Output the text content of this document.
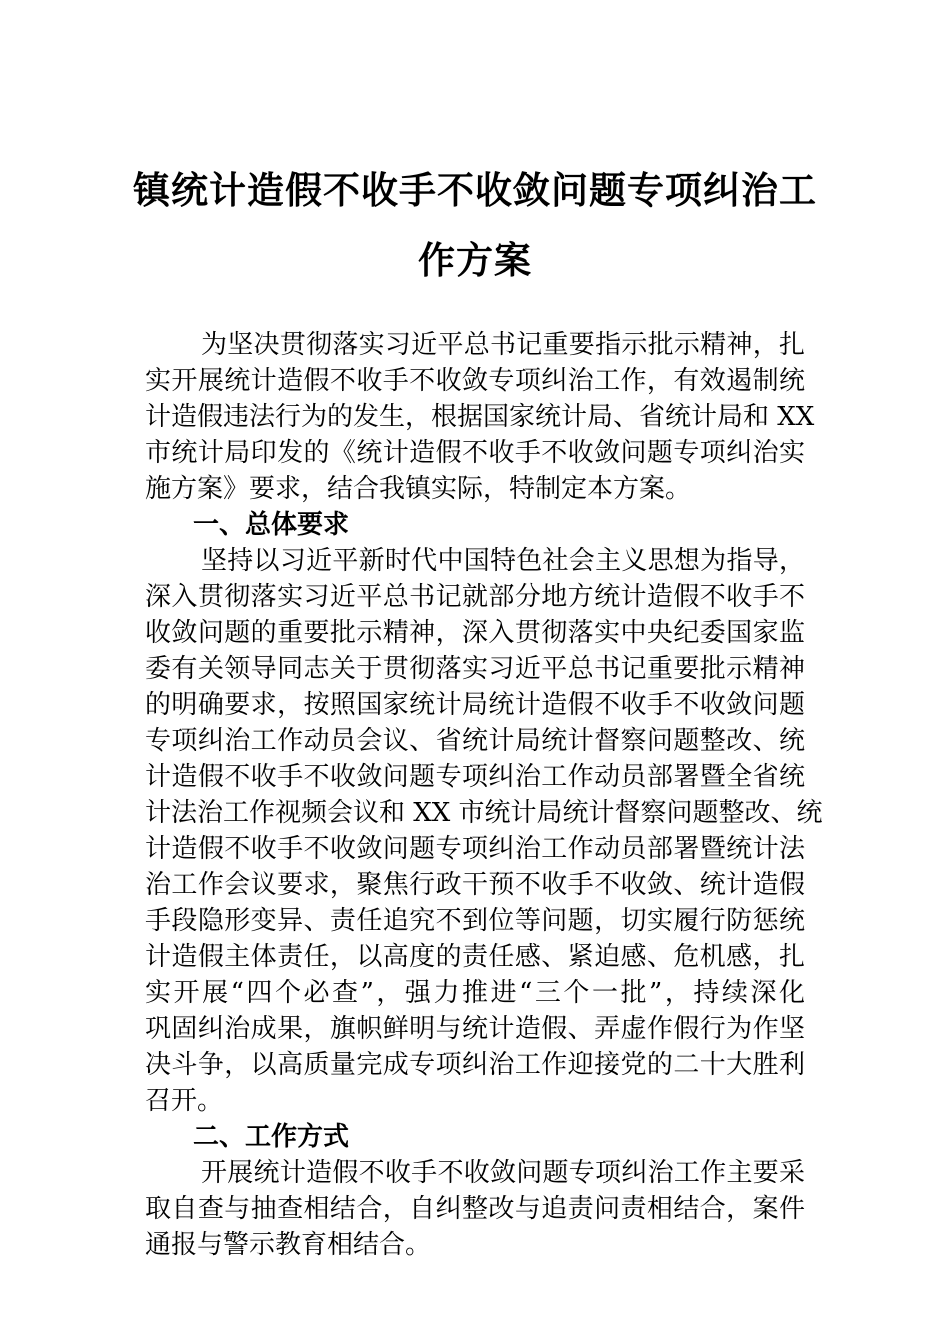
镇统计造假不收手不收敛问题专项纠治工
作方案
为坚决贯彻落实习近平总书记重要指示批示精神，扎
实开展统计造假不收手不收敛专项纠治工作，有效遏制统
计造假违法行为的发生，根据国家统计局、省统计局和 XX
市统计局印发的《统计造假不收手不收敛问题专项纠治实
施方案》要求，结合我镇实际，特制定本方案。
一、总体要求
坚持以习近平新时代中国特色社会主义思想为指导，
深入贯彻落实习近平总书记就部分地方统计造假不收手不
收敛问题的重要批示精神，深入贯彻落实中央纪委国家监
委有关领导同志关于贯彻落实习近平总书记重要批示精神
的明确要求，按照国家统计局统计造假不收手不收敛问题
专项纠治工作动员会议、省统计局统计督察问题整改、统
计造假不收手不收敛问题专项纠治工作动员部署暨全省统
计法治工作视频会议和 XX 市统计局统计督察问题整改、统
计造假不收手不收敛问题专项纠治工作动员部署暨统计法
治工作会议要求，聚焦行政干预不收手不收敛、统计造假
手段隐形变异、责任追究不到位等问题，切实履行防惩统
计造假主体责任，以高度的责任感、紧迫感、危机感，扎
实开展“四个必查”，强力推进“三个一批”，持续深化
巩固纠治成果，旗帜鲜明与统计造假、弄虚作假行为作坚
决斗争，以高质量完成专项纠治工作迎接党的二十大胜利
召开。
二、工作方式
开展统计造假不收手不收敛问题专项纠治工作主要采
取自查与抽查相结合，自纠整改与追责问责相结合，案件
通报与警示教育相结合。
